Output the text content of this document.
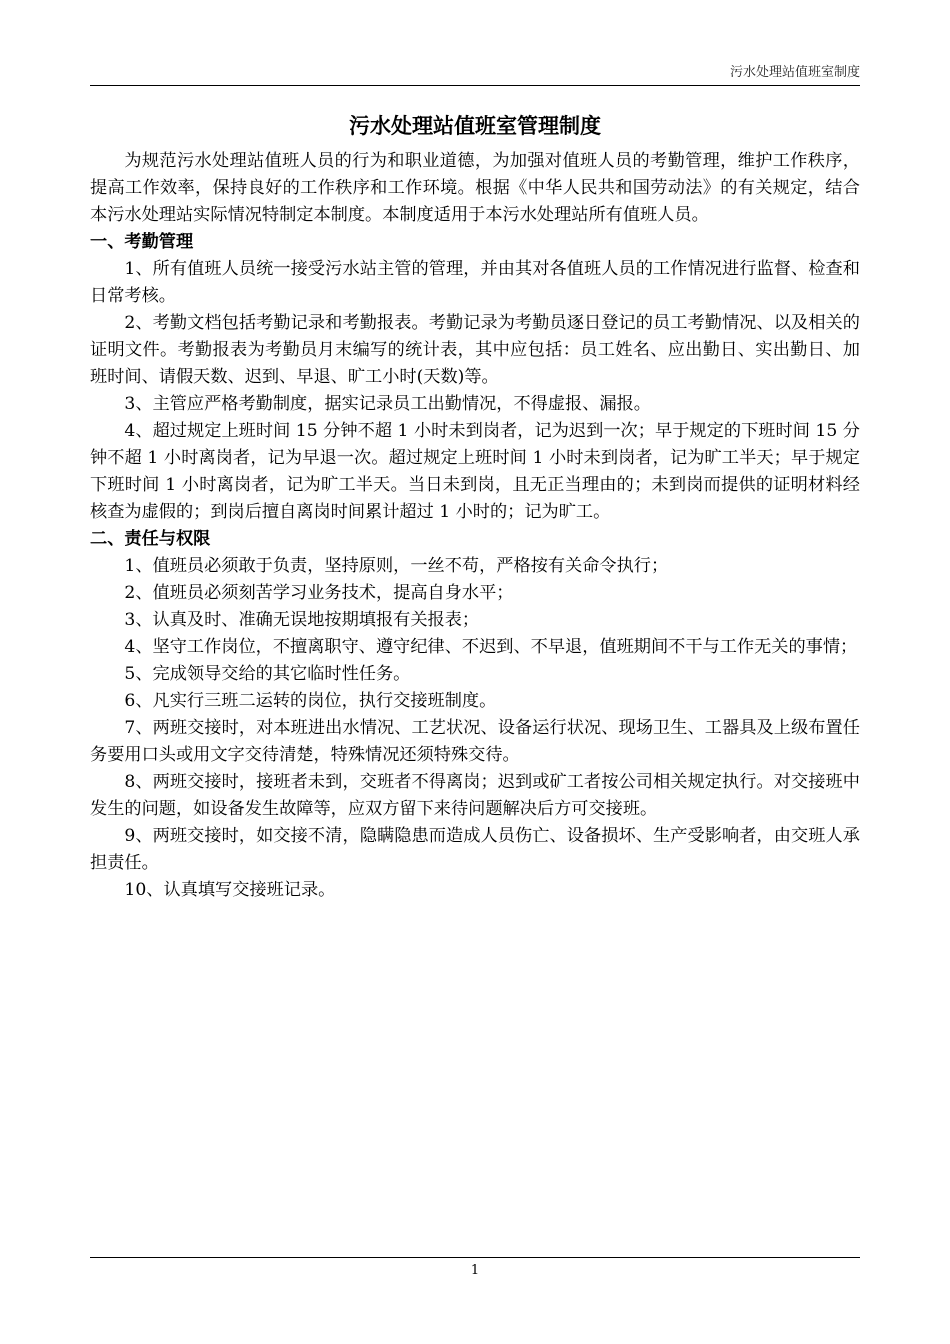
污水处理站值班室制度
污水处理站值班室管理制度

为规范污水处理站值班人员的行为和职业道德，为加强对值班人员的考勤管理，维护工作秩序，提高工作效率，保持良好的工作秩序和工作环境。根据《中华人民共和国劳动法》的有关规定，结合本污水处理站实际情况特制定本制度。本制度适用于本污水处理站所有值班人员。

一、考勤管理

1、所有值班人员统一接受污水站主管的管理，并由其对各值班人员的工作情况进行监督、检查和日常考核。

2、考勤文档包括考勤记录和考勤报表。考勤记录为考勤员逐日登记的员工考勤情况、以及相关的证明文件。考勤报表为考勤员月末编写的统计表，其中应包括：员工姓名、应出勤日、实出勤日、加班时间、请假天数、迟到、早退、旷工小时(天数)等。

3、主管应严格考勤制度，据实记录员工出勤情况，不得虚报、漏报。

4、超过规定上班时间 15 分钟不超 1 小时未到岗者，记为迟到一次；早于规定的下班时间 15 分钟不超 1 小时离岗者，记为早退一次。超过规定上班时间 1 小时未到岗者，记为旷工半天；早于规定下班时间 1 小时离岗者，记为旷工半天。当日未到岗，且无正当理由的；未到岗而提供的证明材料经核查为虚假的；到岗后擅自离岗时间累计超过 1 小时的；记为旷工。

二、责任与权限

1、值班员必须敢于负责，坚持原则，一丝不苟，严格按有关命令执行；

2、值班员必须刻苦学习业务技术，提高自身水平；

3、认真及时、准确无误地按期填报有关报表；

4、坚守工作岗位，不擅离职守、遵守纪律、不迟到、不早退，值班期间不干与工作无关的事情；

5、完成领导交给的其它临时性任务。

6、凡实行三班二运转的岗位，执行交接班制度。

7、两班交接时，对本班进出水情况、工艺状况、设备运行状况、现场卫生、工器具及上级布置任务要用口头或用文字交待清楚，特殊情况还须特殊交待。

8、两班交接时，接班者未到，交班者不得离岗；迟到或矿工者按公司相关规定执行。对交接班中发生的问题，如设备发生故障等，应双方留下来待问题解决后方可交接班。

9、两班交接时，如交接不清，隐瞒隐患而造成人员伤亡、设备损坏、生产受影响者，由交班人承担责任。

10、认真填写交接班记录。

1
